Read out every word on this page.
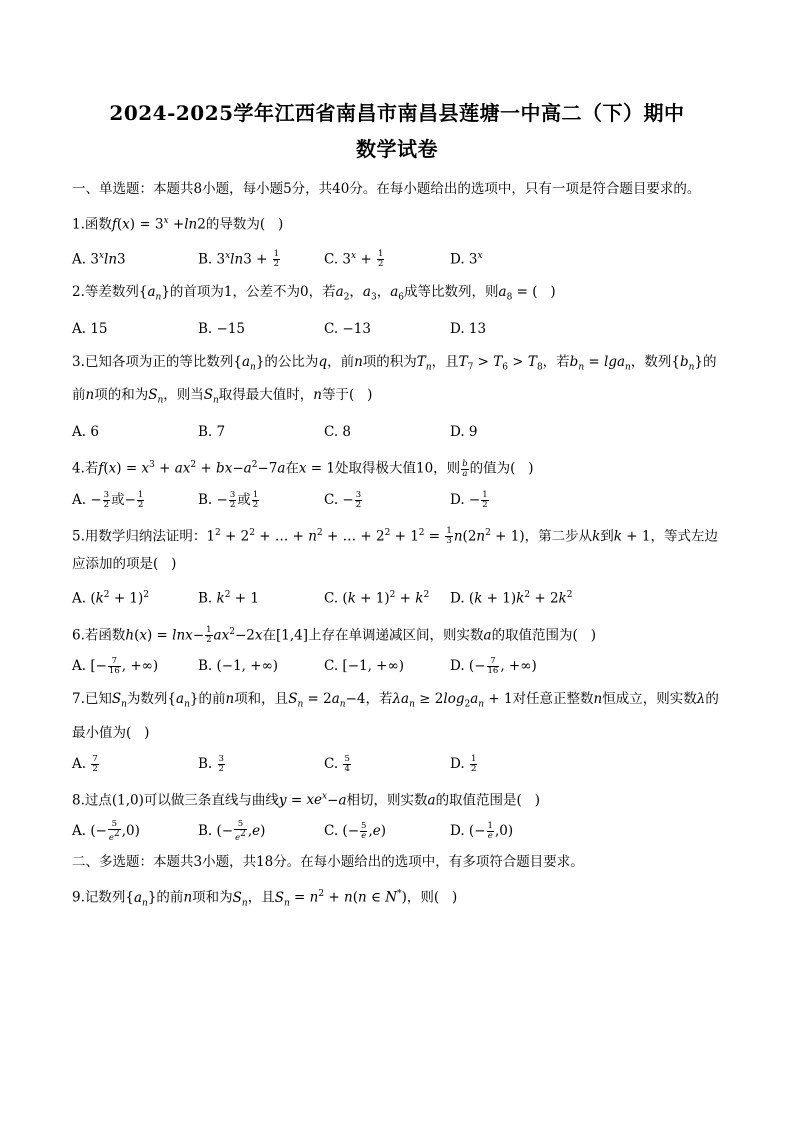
2024-2025学年江西省南昌市南昌县莲塘一中高二（下）期中
数学试卷
一、单选题：本题共8小题，每小题5分，共40分。在每小题给出的选项中，只有一项是符合题目要求的。
1.函数$f(x) = 3^x +\ln 2$的导数为(   )
A. 3$^x$ln3	B. $3^x\ln 3 + \frac{1}{2}$	C. $3^x + \frac{1}{2}$	D. 3$^x$
2.等差数列$\{a_n\}$的首项为1，公差不为0，若$a_2$，$a_3$，$a_6$成等比数列，则$a_8$ = (   )
A. 15	B. −15	C. −13	D. 13
3.已知各项为正的等比数列$\{a_n\}$的公比为q，前n项的积为$T_n$，且$T_7 > T_6 > T_8$，若$b_n = \lg a_n$，数列$\{b_n\}$的前n项的和为$S_n$，则当$S_n$取得最大值时，n等于(   )
A. 6	B. 7	C. 8	D. 9
4.若$f(x) = x^3 + ax^2 + bx-a^2-7a$在x = 1处取得极大值10，则 $\frac{b}{a}$ 的值为(   )
A. − $\frac{3}{2}$ 或− $\frac{1}{2}$	B. − $\frac{3}{2}$ 或 $\frac{1}{2}$	C. − $\frac{3}{2}$	D. − $\frac{1}{2}$
5.用数学归纳法证明：$1^2 + 2^2$ + … + $n^2$ + … + $2^2 + 1^2 = \frac{1}{3} n(2n^2 + 1)$，第二步从k到k + 1，等式左边应添加的项是(   )
A. $(k^2 + 1)^2$	B. $k^2 + 1$	C. $(k + 1)^2 + k^2$	D. $(k + 1)k^2 + 2k^2$
6.若函数$h(x) = \ln x- \frac{1}{2} ax^2-2x$在[1,4]上存在单调递减区间，则实数a的取值范围为(   )
A. [− $\frac{7}{16}$ , +∞)	B. (−1, +∞)	C. [−1, +∞)	D. (− $\frac{7}{16}$ , +∞)
7.已知$S_n$为数列$\{a_n\}$的前n项和，且$S_n = 2a_n-4$，若$\lambda a_n \ge 2\log_2a_n + 1$对任意正整数n恒成立，则实数λ的最小值为(   )
A. $\frac{7}{2}$	B. $\frac{3}{2}$	C. $\frac{5}{4}$	D. $\frac{1}{2}$
8.过点(1,0)可以做三条直线与曲线$y = xe^x-a$相切，则实数a的取值范围是(   )
A. (− $\frac{5}{e^2} ,0$)	B. (− $\frac{5}{e^2} ,e$)	C. (− $\frac{5}{e} ,e$)	D. (− $\frac{1}{e} ,0$)
二、多选题：本题共3小题，共18分。在每小题给出的选项中，有多项符合题目要求。
9.记数列$\{a_n\}$的前n项和为$S_n$，且$S_n = n^2 + n(n$ ∈ N*)，则(   )
